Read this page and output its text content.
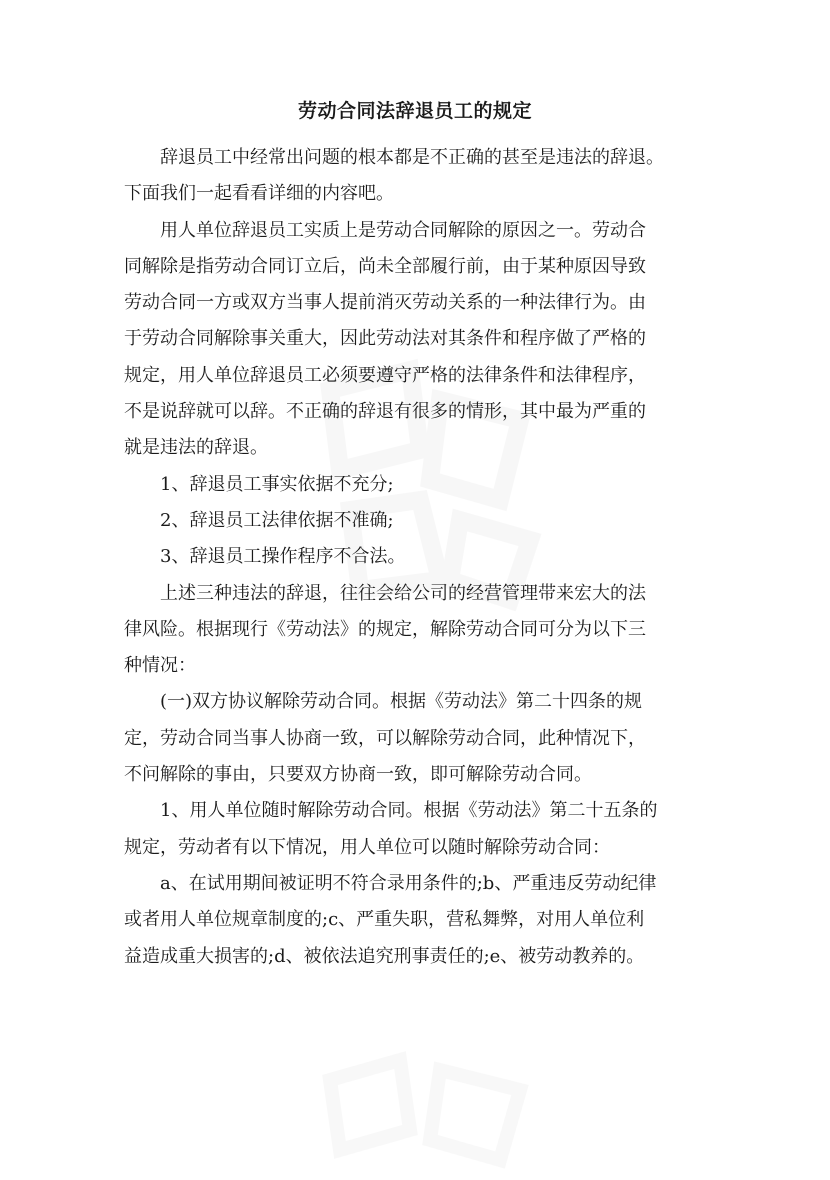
劳动合同法辞退员工的规定

辞退员工中经常出问题的根本都是不正确的甚至是违法的辞退。
下面我们一起看看详细的内容吧。

用人单位辞退员工实质上是劳动合同解除的原因之一。劳动合
同解除是指劳动合同订立后，尚未全部履行前，由于某种原因导致
劳动合同一方或双方当事人提前消灭劳动关系的一种法律行为。由
于劳动合同解除事关重大，因此劳动法对其条件和程序做了严格的
规定，用人单位辞退员工必须要遵守严格的法律条件和法律程序，
不是说辞就可以辞。不正确的辞退有很多的情形，其中最为严重的
就是违法的辞退。

1、辞退员工事实依据不充分;

2、辞退员工法律依据不准确;

3、辞退员工操作程序不合法。

上述三种违法的辞退，往往会给公司的经营管理带来宏大的法
律风险。根据现行《劳动法》的规定，解除劳动合同可分为以下三
种情况：

(一)双方协议解除劳动合同。根据《劳动法》第二十四条的规
定，劳动合同当事人协商一致，可以解除劳动合同，此种情况下，
不问解除的事由，只要双方协商一致，即可解除劳动合同。

1、用人单位随时解除劳动合同。根据《劳动法》第二十五条的
规定，劳动者有以下情况，用人单位可以随时解除劳动合同：

a、在试用期间被证明不符合录用条件的;b、严重违反劳动纪律
或者用人单位规章制度的;c、严重失职，营私舞弊，对用人单位利
益造成重大损害的;d、被依法追究刑事责任的;e、被劳动教养的。
